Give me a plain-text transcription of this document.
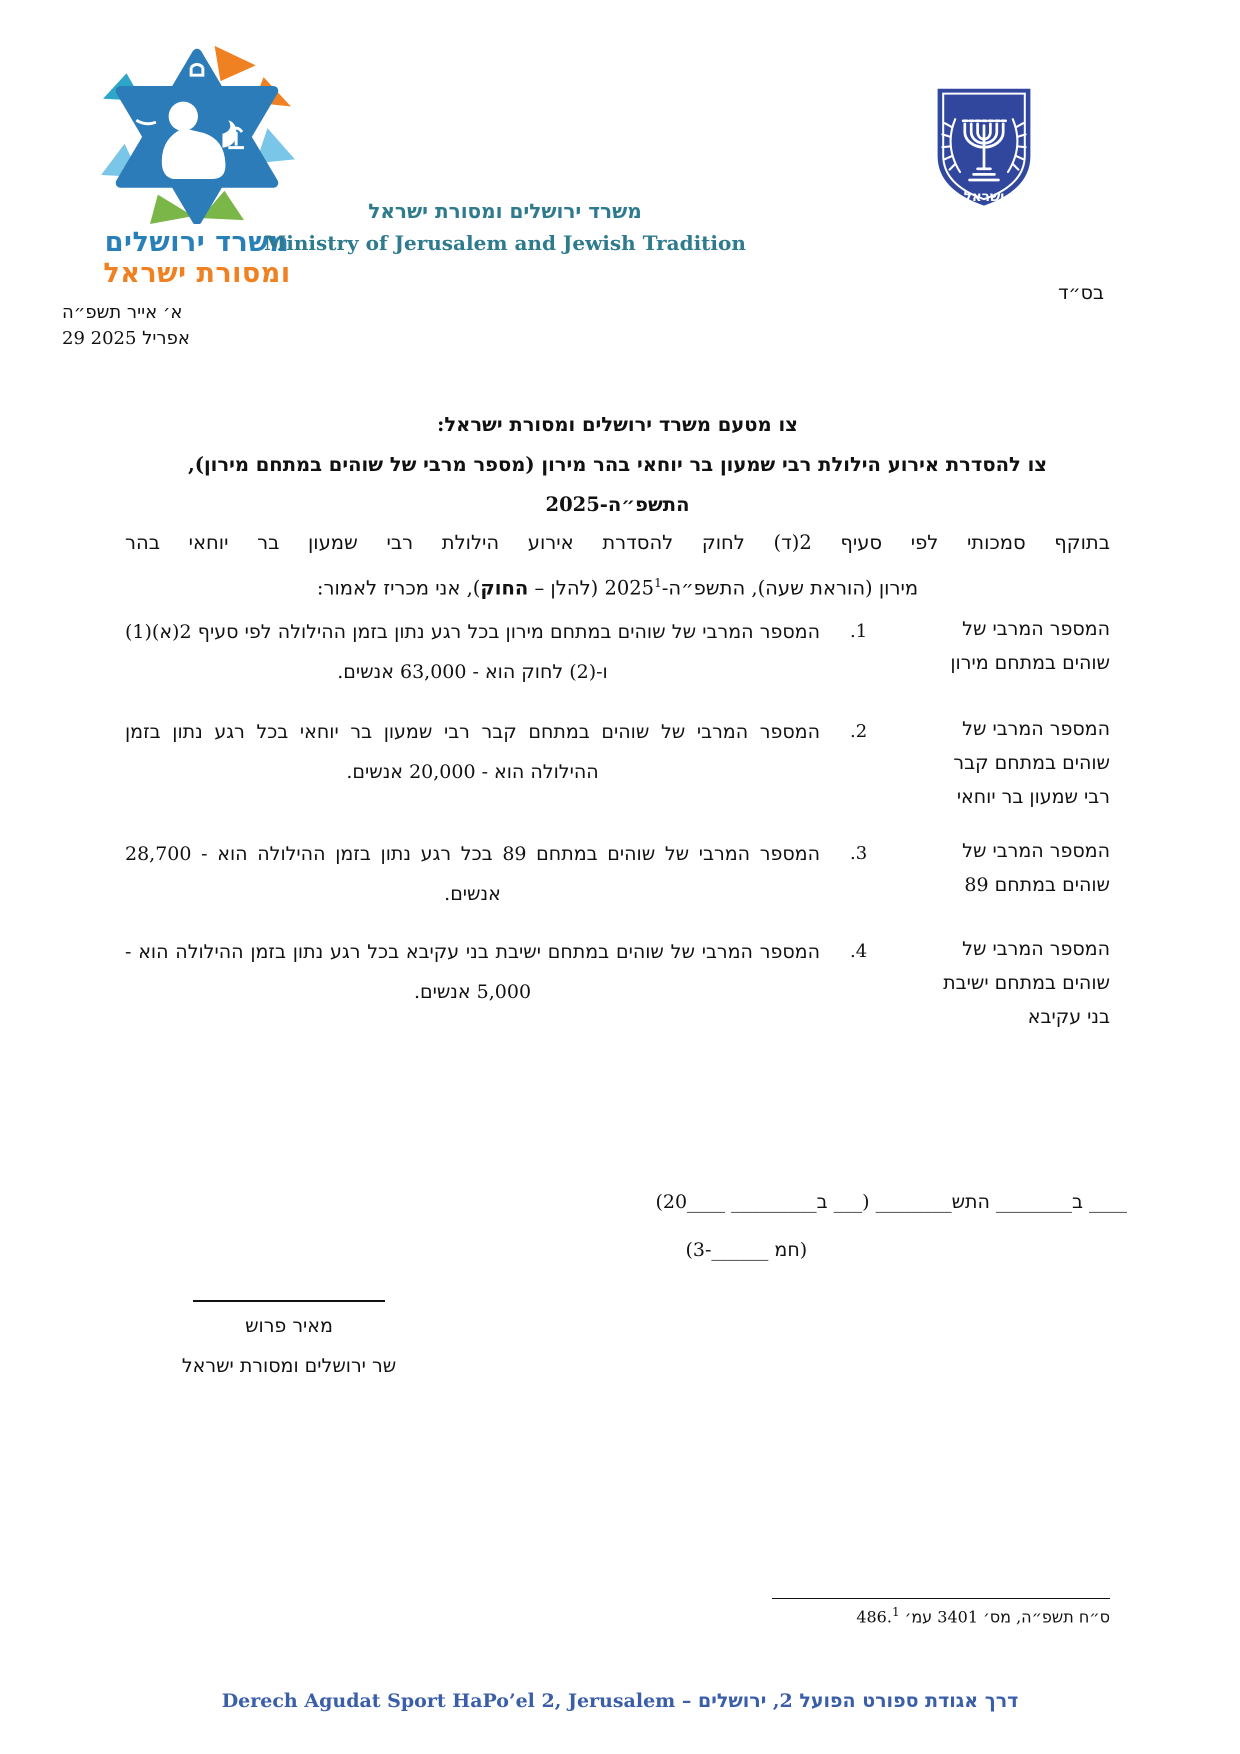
משרד ירושלים
ומסורת ישראל
משרד ירושלים ומסורת ישראל
Ministry of Jerusalem and Jewish Tradition
ישראל
בס״ד
א׳ אייר תשפ״ה
29 אפריל 2025
צו מטעם משרד ירושלים ומסורת ישראל:
צו להסדרת אירוע הילולת רבי שמעון בר יוחאי בהר מירון (מספר מרבי של שוהים במתחם מירון),
התשפ״ה-2025
בתוקף סמכותי לפי סעיף 2(ד) לחוק להסדרת אירוע הילולת רבי שמעון בר יוחאי בהר
מירון (הוראת שעה), התשפ״ה-2025$^1$ (להלן – החוק), אני מכריז לאמור:
המספר המרבי של שוהים במתחם מירון
1.
המספר המרבי של שוהים במתחם מירון בכל רגע נתון בזמן ההילולה לפי סעיף 2(א)(1) ו-(2) לחוק הוא - 63,000 אנשים.
המספר המרבי של שוהים במתחם קבר רבי שמעון בר יוחאי
2.
המספר המרבי של שוהים במתחם קבר רבי שמעון בר יוחאי בכל רגע נתון בזמן ההילולה הוא - 20,000 אנשים.
המספר המרבי של שוהים במתחם 89
3.
המספר המרבי של שוהים במתחם 89 בכל רגע נתון בזמן ההילולה הוא - 28,700 אנשים.
המספר המרבי של שוהים במתחם ישיבת בני עקיבא
4.
המספר המרבי של שוהים במתחם ישיבת בני עקיבא בכל רגע נתון בזמן ההילולה הוא - 5,000 אנשים.
____ ב________ התש________ (___ ב_________ 20____)
(חמ 3-______)
מאיר פרוש
שר ירושלים ומסורת ישראל
ס״ח תשפ״ה, מס׳ 3401 עמ׳ 486.$^1$
דרך אגודת ספורט הפועל 2, ירושלים – Derech Agudat Sport HaPo’el 2, Jerusalem
